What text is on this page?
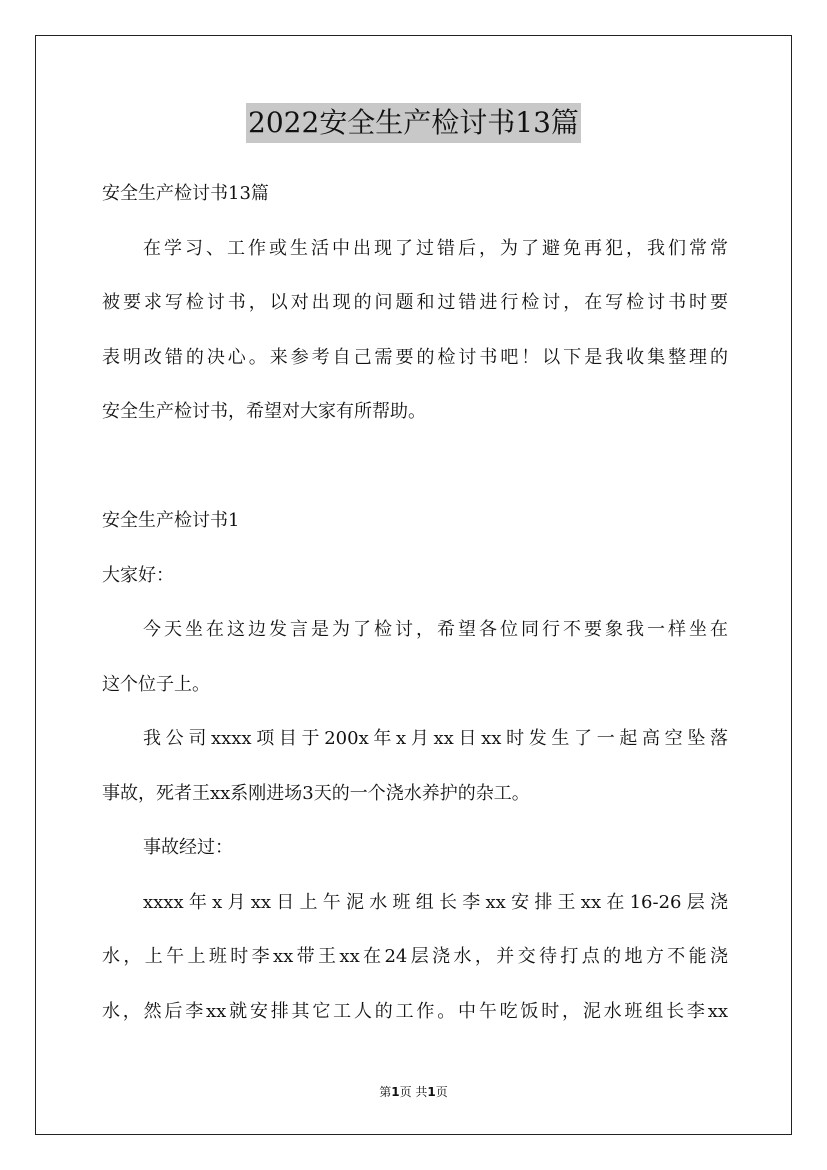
2022安全生产检讨书13篇
安全生产检讨书13篇
在学习、工作或生活中出现了过错后，为了避免再犯，我们常常
被要求写检讨书，以对出现的问题和过错进行检讨，在写检讨书时要
表明改错的决心。来参考自己需要的检讨书吧！以下是我收集整理的
安全生产检讨书，希望对大家有所帮助。
安全生产检讨书1
大家好：
今天坐在这边发言是为了检讨，希望各位同行不要象我一样坐在
这个位子上。
我公司xxxx项目于200x年x月xx日xx时发生了一起高空坠落
事故，死者王xx系刚进场3天的一个浇水养护的杂工。
事故经过：
xxxx年x月xx日上午泥水班组长李xx安排王xx在16-26层浇
水，上午上班时李xx带王xx在24层浇水，并交待打点的地方不能浇
水，然后李xx就安排其它工人的工作。中午吃饭时，泥水班组长李xx
第1页 共1页
